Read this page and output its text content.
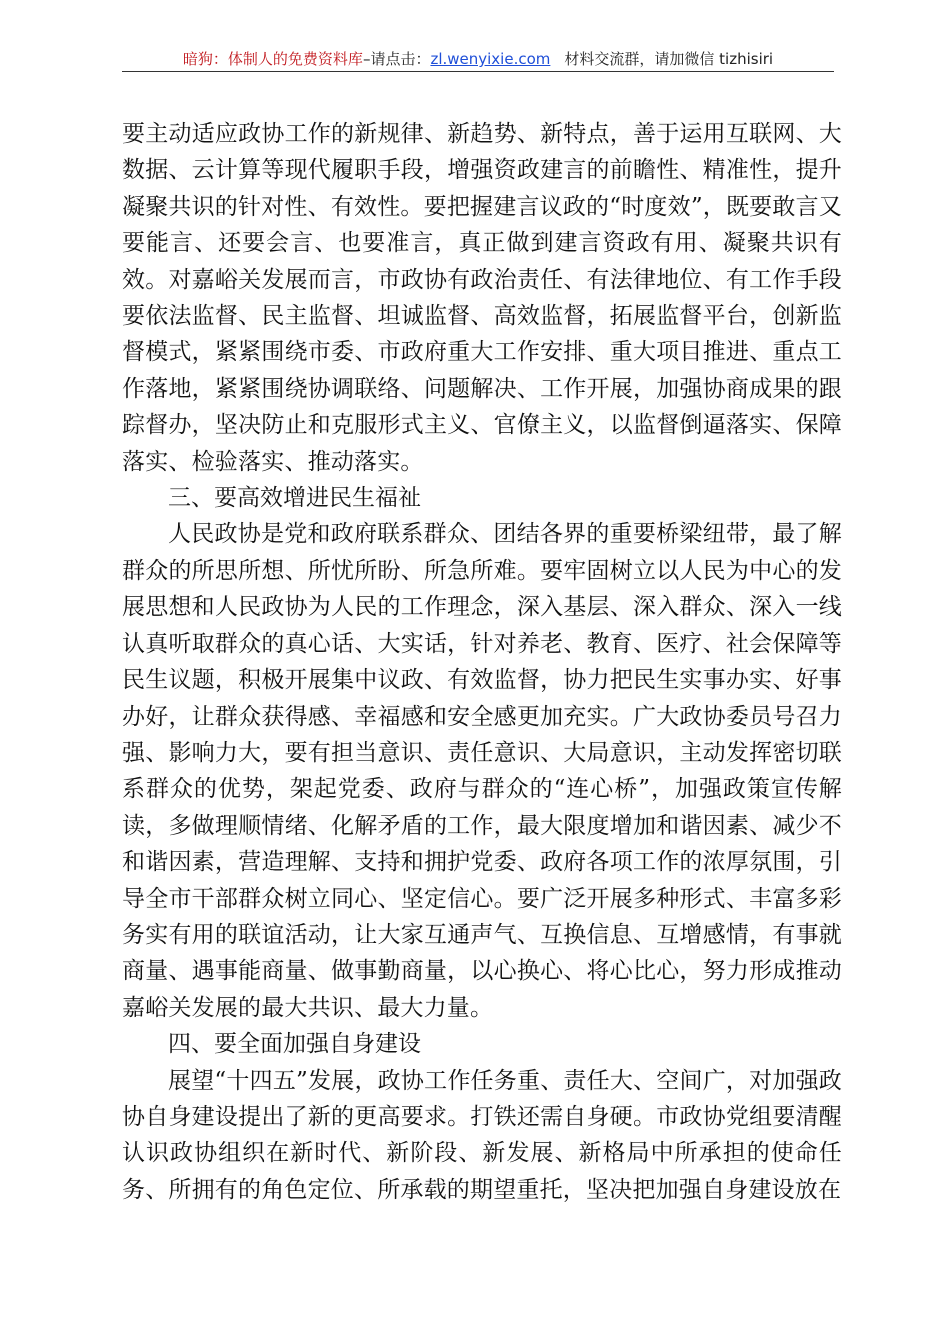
暗狗：体制人的免费资料库–请点击：zl.wenyixie.com 材料交流群，请加微信 tizhisiri

要主动适应政协工作的新规律、新趋势、新特点，善于运用互联网、大数据、云计算等现代履职手段，增强资政建言的前瞻性、精准性，提升凝聚共识的针对性、有效性。要把握建言议政的“时度效”，既要敢言又要能言、还要会言、也要准言，真正做到建言资政有用、凝聚共识有效。对嘉峪关发展而言，市政协有政治责任、有法律地位、有工作手段要依法监督、民主监督、坦诚监督、高效监督，拓展监督平台，创新监督模式，紧紧围绕市委、市政府重大工作安排、重大项目推进、重点工作落地，紧紧围绕协调联络、问题解决、工作开展，加强协商成果的跟踪督办，坚决防止和克服形式主义、官僚主义，以监督倒逼落实、保障落实、检验落实、推动落实。

三、要高效增进民生福祉

人民政协是党和政府联系群众、团结各界的重要桥梁纽带，最了解群众的所思所想、所忧所盼、所急所难。要牢固树立以人民为中心的发展思想和人民政协为人民的工作理念，深入基层、深入群众、深入一线认真听取群众的真心话、大实话，针对养老、教育、医疗、社会保障等民生议题，积极开展集中议政、有效监督，协力把民生实事办实、好事办好，让群众获得感、幸福感和安全感更加充实。广大政协委员号召力强、影响力大，要有担当意识、责任意识、大局意识，主动发挥密切联系群众的优势，架起党委、政府与群众的“连心桥”，加强政策宣传解读，多做理顺情绪、化解矛盾的工作，最大限度增加和谐因素、减少不和谐因素，营造理解、支持和拥护党委、政府各项工作的浓厚氛围，引导全市干部群众树立同心、坚定信心。要广泛开展多种形式、丰富多彩务实有用的联谊活动，让大家互通声气、互换信息、互增感情，有事就商量、遇事能商量、做事勤商量，以心换心、将心比心，努力形成推动嘉峪关发展的最大共识、最大力量。

四、要全面加强自身建设

展望“十四五”发展，政协工作任务重、责任大、空间广，对加强政协自身建设提出了新的更高要求。打铁还需自身硬。市政协党组要清醒认识政协组织在新时代、新阶段、新发展、新格局中所承担的使命任务、所拥有的角色定位、所承载的期望重托，坚决把加强自身建设放在
